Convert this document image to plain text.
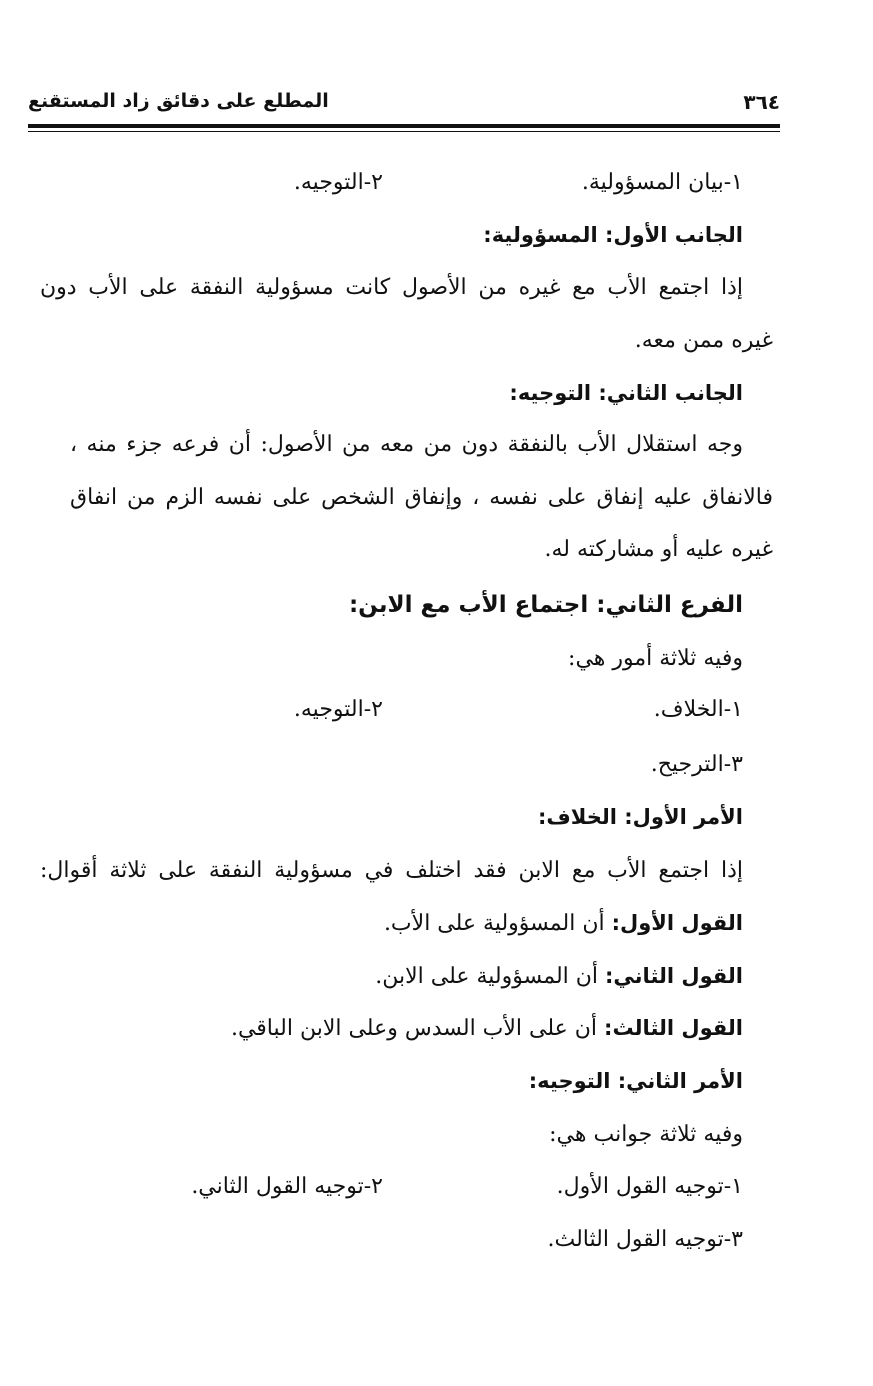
٣٦٤
المطلع على دقائق زاد المستقنع
١-بيان المسؤولية.
٢-التوجيه.
الجانب الأول: المسؤولية:
إذا اجتمع الأب مع غيره من الأصول كانت مسؤولية النفقة على الأب دون
غيره ممن معه.
الجانب الثاني: التوجيه:
وجه استقلال الأب بالنفقة دون من معه من الأصول: أن فرعه جزء منه ،
فالانفاق عليه إنفاق على نفسه ، وإنفاق الشخص على نفسه الزم من انفاق
غيره عليه أو مشاركته له.
الفرع الثاني: اجتماع الأب مع الابن:
وفيه ثلاثة أمور هي:
١-الخلاف.
٢-التوجيه.
٣-الترجيح.
الأمر الأول: الخلاف:
إذا اجتمع الأب مع الابن فقد اختلف في مسؤولية النفقة على ثلاثة أقوال:
القول الأول: أن المسؤولية على الأب.
القول الثاني: أن المسؤولية على الابن.
القول الثالث: أن على الأب السدس وعلى الابن الباقي.
الأمر الثاني: التوجيه:
وفيه ثلاثة جوانب هي:
١-توجيه القول الأول.
٢-توجيه القول الثاني.
٣-توجيه القول الثالث.
